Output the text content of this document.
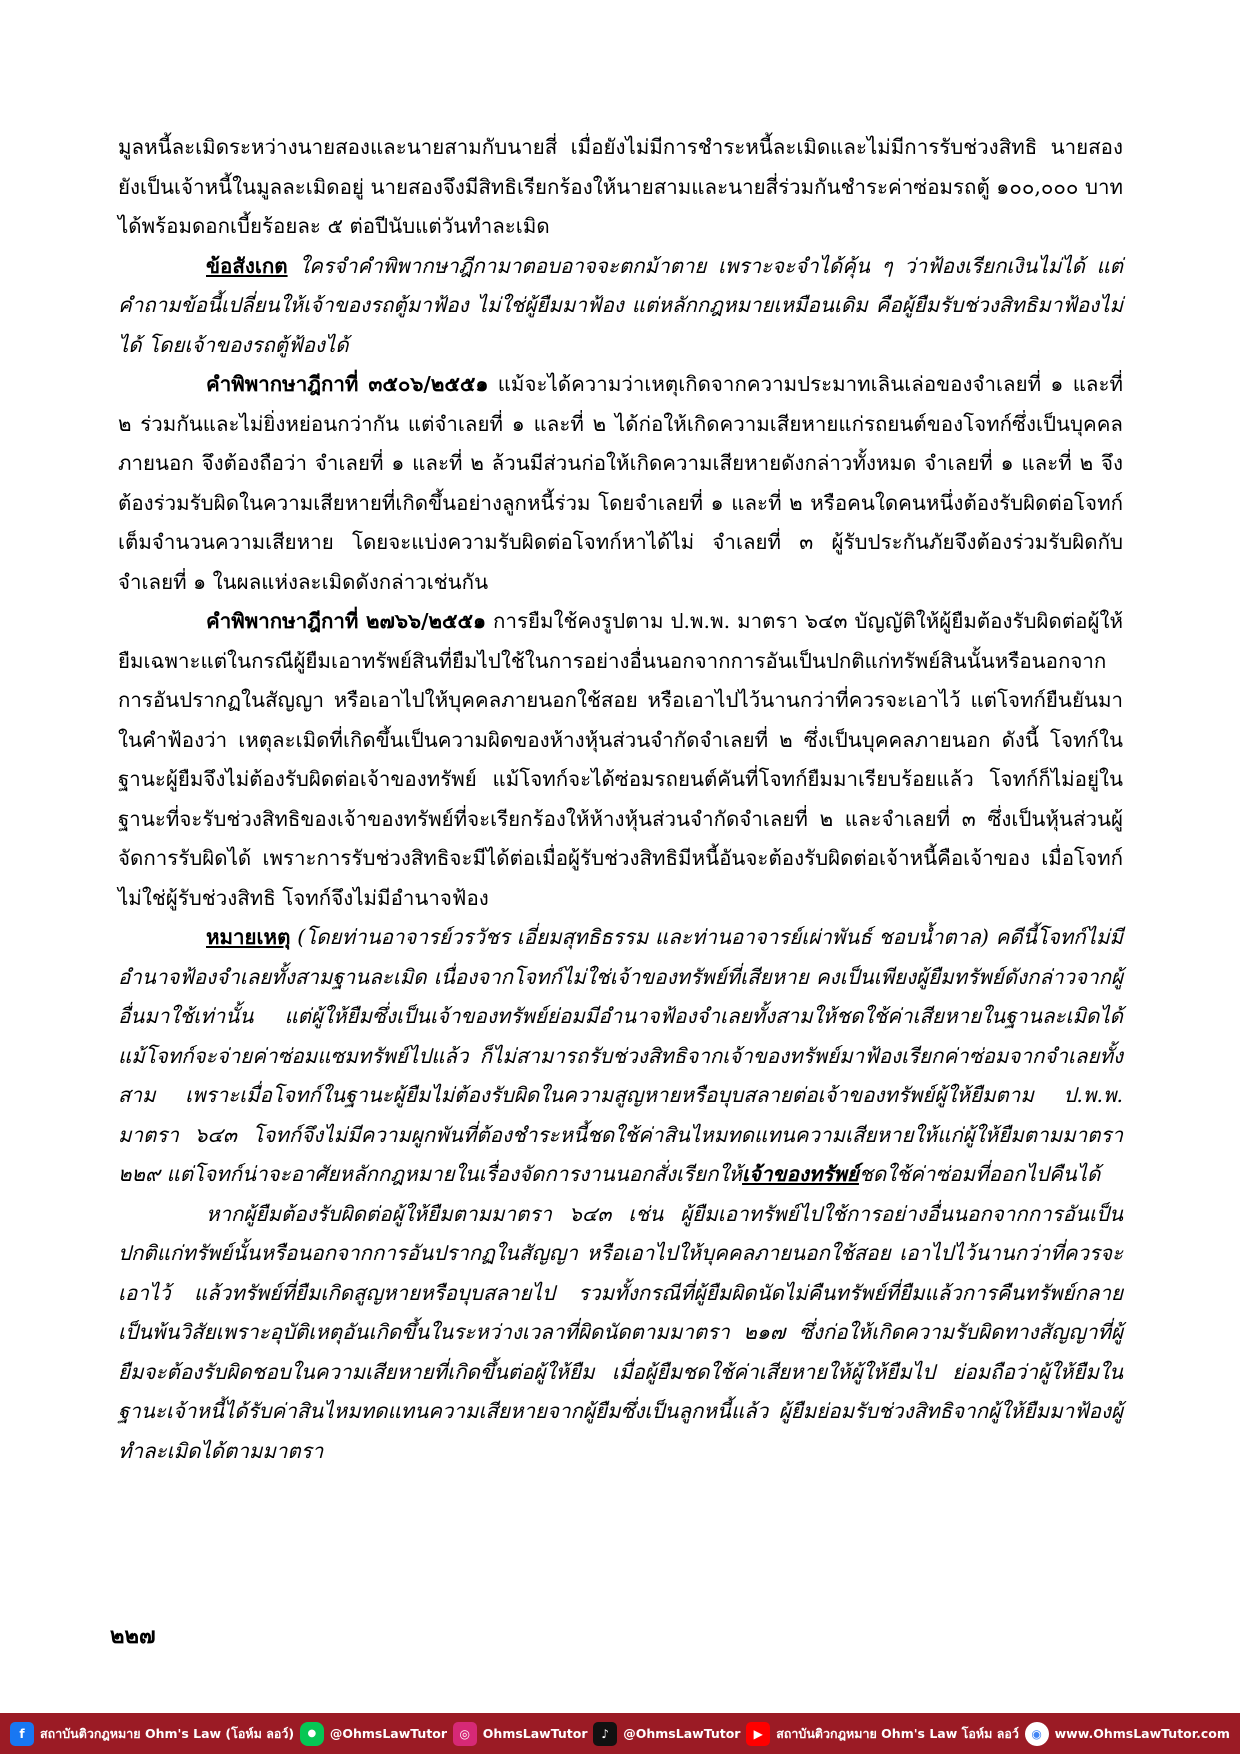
มูลหนี้ละเมิดระหว่างนายสองและนายสามกับนายสี่ เมื่อยังไม่มีการชำระหนี้ละเมิดและไม่มีการรับช่วงสิทธิ นายสองยังเป็นเจ้าหนี้ในมูลละเมิดอยู่ นายสองจึงมีสิทธิเรียกร้องให้นายสามและนายสี่ร่วมกันชำระค่าซ่อมรถตู้ ๑๐๐,๐๐๐ บาทได้พร้อมดอกเบี้ยร้อยละ ๕ ต่อปีนับแต่วันทำละเมิด

ข้อสังเกต ใครจำคำพิพากษาฎีกามาตอบอาจจะตกม้าตาย เพราะจะจำได้คุ้น ๆ ว่าฟ้องเรียกเงินไม่ได้ แต่คำถามข้อนี้เปลี่ยนให้เจ้าของรถตู้มาฟ้อง ไม่ใช่ผู้ยืมมาฟ้อง แต่หลักกฎหมายเหมือนเดิม คือผู้ยืมรับช่วงสิทธิมาฟ้องไม่ได้ โดยเจ้าของรถตู้ฟ้องได้

คำพิพากษาฎีกาที่ ๓๕๐๖/๒๕๕๑ แม้จะได้ความว่าเหตุเกิดจากความประมาทเลินเล่อของจำเลยที่ ๑ และที่ ๒ ร่วมกันและไม่ยิ่งหย่อนกว่ากัน แต่จำเลยที่ ๑ และที่ ๒ ได้ก่อให้เกิดความเสียหายแก่รถยนต์ของโจทก์ซึ่งเป็นบุคคลภายนอก จึงต้องถือว่า จำเลยที่ ๑ และที่ ๒ ล้วนมีส่วนก่อให้เกิดความเสียหายดังกล่าวทั้งหมด จำเลยที่ ๑ และที่ ๒ จึงต้องร่วมรับผิดในความเสียหายที่เกิดขึ้นอย่างลูกหนี้ร่วม โดยจำเลยที่ ๑ และที่ ๒ หรือคนใดคนหนึ่งต้องรับผิดต่อโจทก์เต็มจำนวนความเสียหาย โดยจะแบ่งความรับผิดต่อโจทก์หาได้ไม่ จำเลยที่ ๓ ผู้รับประกันภัยจึงต้องร่วมรับผิดกับจำเลยที่ ๑ ในผลแห่งละเมิดดังกล่าวเช่นกัน

คำพิพากษาฎีกาที่ ๒๗๖๖/๒๕๕๑ การยืมใช้คงรูปตาม ป.พ.พ. มาตรา ๖๔๓ บัญญัติให้ผู้ยืมต้องรับผิดต่อผู้ให้ยืมเฉพาะแต่ในกรณีผู้ยืมเอาทรัพย์สินที่ยืมไปใช้ในการอย่างอื่นนอกจากการอันเป็นปกติแก่ทรัพย์สินนั้นหรือนอกจากการอันปรากฏในสัญญา หรือเอาไปให้บุคคลภายนอกใช้สอย หรือเอาไปไว้นานกว่าที่ควรจะเอาไว้ แต่โจทก์ยืนยันมาในคำฟ้องว่า เหตุละเมิดที่เกิดขึ้นเป็นความผิดของห้างหุ้นส่วนจำกัดจำเลยที่ ๒ ซึ่งเป็นบุคคลภายนอก ดังนี้ โจทก์ในฐานะผู้ยืมจึงไม่ต้องรับผิดต่อเจ้าของทรัพย์ แม้โจทก์จะได้ซ่อมรถยนต์คันที่โจทก์ยืมมาเรียบร้อยแล้ว โจทก์ก็ไม่อยู่ในฐานะที่จะรับช่วงสิทธิของเจ้าของทรัพย์ที่จะเรียกร้องให้ห้างหุ้นส่วนจำกัดจำเลยที่ ๒ และจำเลยที่ ๓ ซึ่งเป็นหุ้นส่วนผู้จัดการรับผิดได้ เพราะการรับช่วงสิทธิจะมีได้ต่อเมื่อผู้รับช่วงสิทธิมีหนี้อันจะต้องรับผิดต่อเจ้าหนี้คือเจ้าของ เมื่อโจทก์ไม่ใช่ผู้รับช่วงสิทธิ โจทก์จึงไม่มีอำนาจฟ้อง

หมายเหตุ (โดยท่านอาจารย์วรวัชร เอี่ยมสุทธิธรรม และท่านอาจารย์เผ่าพันธ์ ชอบน้ำตาล) คดีนี้โจทก์ไม่มีอำนาจฟ้องจำเลยทั้งสามฐานละเมิด เนื่องจากโจทก์ไม่ใช่เจ้าของทรัพย์ที่เสียหาย คงเป็นเพียงผู้ยืมทรัพย์ดังกล่าวจากผู้อื่นมาใช้เท่านั้น แต่ผู้ให้ยืมซึ่งเป็นเจ้าของทรัพย์ย่อมมีอำนาจฟ้องจำเลยทั้งสามให้ชดใช้ค่าเสียหายในฐานละเมิดได้ แม้โจทก์จะจ่ายค่าซ่อมแซมทรัพย์ไปแล้ว ก็ไม่สามารถรับช่วงสิทธิจากเจ้าของทรัพย์มาฟ้องเรียกค่าซ่อมจากจำเลยทั้งสาม เพราะเมื่อโจทก์ในฐานะผู้ยืมไม่ต้องรับผิดในความสูญหายหรือบุบสลายต่อเจ้าของทรัพย์ผู้ให้ยืมตาม ป.พ.พ. มาตรา ๖๔๓ โจทก์จึงไม่มีความผูกพันที่ต้องชำระหนี้ชดใช้ค่าสินไหมทดแทนความเสียหายให้แก่ผู้ให้ยืมตามมาตรา ๒๒๙ แต่โจทก์น่าจะอาศัยหลักกฎหมายในเรื่องจัดการงานนอกสั่งเรียกให้เจ้าของทรัพย์ชดใช้ค่าซ่อมที่ออกไปคืนได้

หากผู้ยืมต้องรับผิดต่อผู้ให้ยืมตามมาตรา ๖๔๓ เช่น ผู้ยืมเอาทรัพย์ไปใช้การอย่างอื่นนอกจากการอันเป็นปกติแก่ทรัพย์นั้นหรือนอกจากการอันปรากฏในสัญญา หรือเอาไปให้บุคคลภายนอกใช้สอย เอาไปไว้นานกว่าที่ควรจะเอาไว้ แล้วทรัพย์ที่ยืมเกิดสูญหายหรือบุบสลายไป รวมทั้งกรณีที่ผู้ยืมผิดนัดไม่คืนทรัพย์ที่ยืมแล้วการคืนทรัพย์กลายเป็นพ้นวิสัยเพราะอุบัติเหตุอันเกิดขึ้นในระหว่างเวลาที่ผิดนัดตามมาตรา ๒๑๗ ซึ่งก่อให้เกิดความรับผิดทางสัญญาที่ผู้ยืมจะต้องรับผิดชอบในความเสียหายที่เกิดขึ้นต่อผู้ให้ยืม เมื่อผู้ยืมชดใช้ค่าเสียหายให้ผู้ให้ยืมไป ย่อมถือว่าผู้ให้ยืมในฐานะเจ้าหนี้ได้รับค่าสินไหมทดแทนความเสียหายจากผู้ยืมซึ่งเป็นลูกหนี้แล้ว ผู้ยืมย่อมรับช่วงสิทธิจากผู้ให้ยืมมาฟ้องผู้ทำละเมิดได้ตามมาตรา

๒๒๗
f	สถาบันติวกฎหมาย Ohm's Law (โอห์ม ลอว์)	●	@OhmsLawTutor	◎	OhmsLawTutor	♪	@OhmsLawTutor	▶	สถาบันติวกฎหมาย Ohm's Law โอห์ม ลอว์	◉	www.OhmsLawTutor.com
